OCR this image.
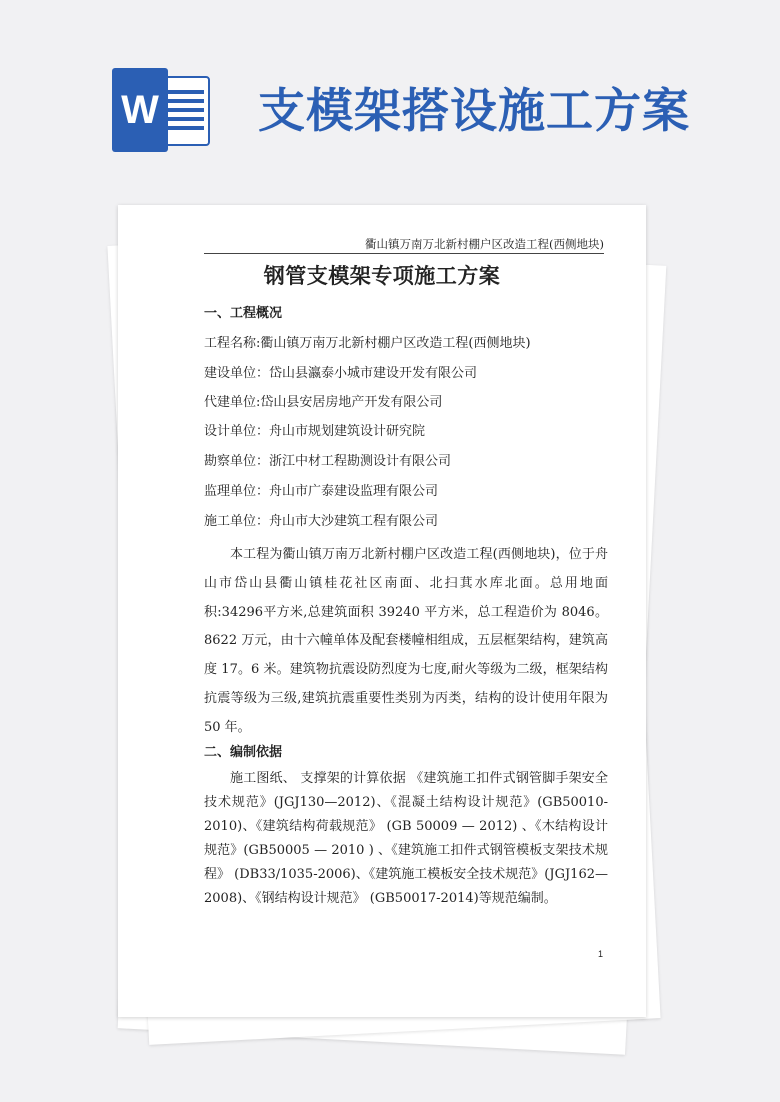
W 支模架搭设施工方案
衢山镇万南万北新村棚户区改造工程(西侧地块)
钢管支模架专项施工方案
一、工程概况
工程名称:衢山镇万南万北新村棚户区改造工程(西侧地块)
建设单位：岱山县瀛泰小城市建设开发有限公司
代建单位:岱山县安居房地产开发有限公司
设计单位：舟山市规划建筑设计研究院
勘察单位：浙江中材工程勘测设计有限公司
监理单位：舟山市广泰建设监理有限公司
施工单位：舟山市大沙建筑工程有限公司
本工程为衢山镇万南万北新村棚户区改造工程(西侧地块)，位于舟山市岱山县衢山镇桂花社区南面、北扫萁水库北面。总用地面积:34296平方米,总建筑面积 39240 平方米，总工程造价为 8046。8622 万元，由十六幢单体及配套楼幢相组成，五层框架结构，建筑高度 17。6 米。建筑物抗震设防烈度为七度,耐火等级为二级，框架结构抗震等级为三级,建筑抗震重要性类别为丙类，结构的设计使用年限为 50 年。
二、编制依据
施工图纸、 支撑架的计算依据 《建筑施工扣件式钢管脚手架安全技术规范》(JGJ130—2012)、《混凝土结构设计规范》(GB50010-2010)、《建筑结构荷载规范》 (GB 50009 — 2012) 、《木结构设计规范》(GB50005 — 2010 ) 、《建筑施工扣件式钢管模板支架技术规程》 (DB33/1035-2006)、《建筑施工模板安全技术规范》(JGJ162—2008)、《钢结构设计规范》 (GB50017-2014)等规范编制。
1
